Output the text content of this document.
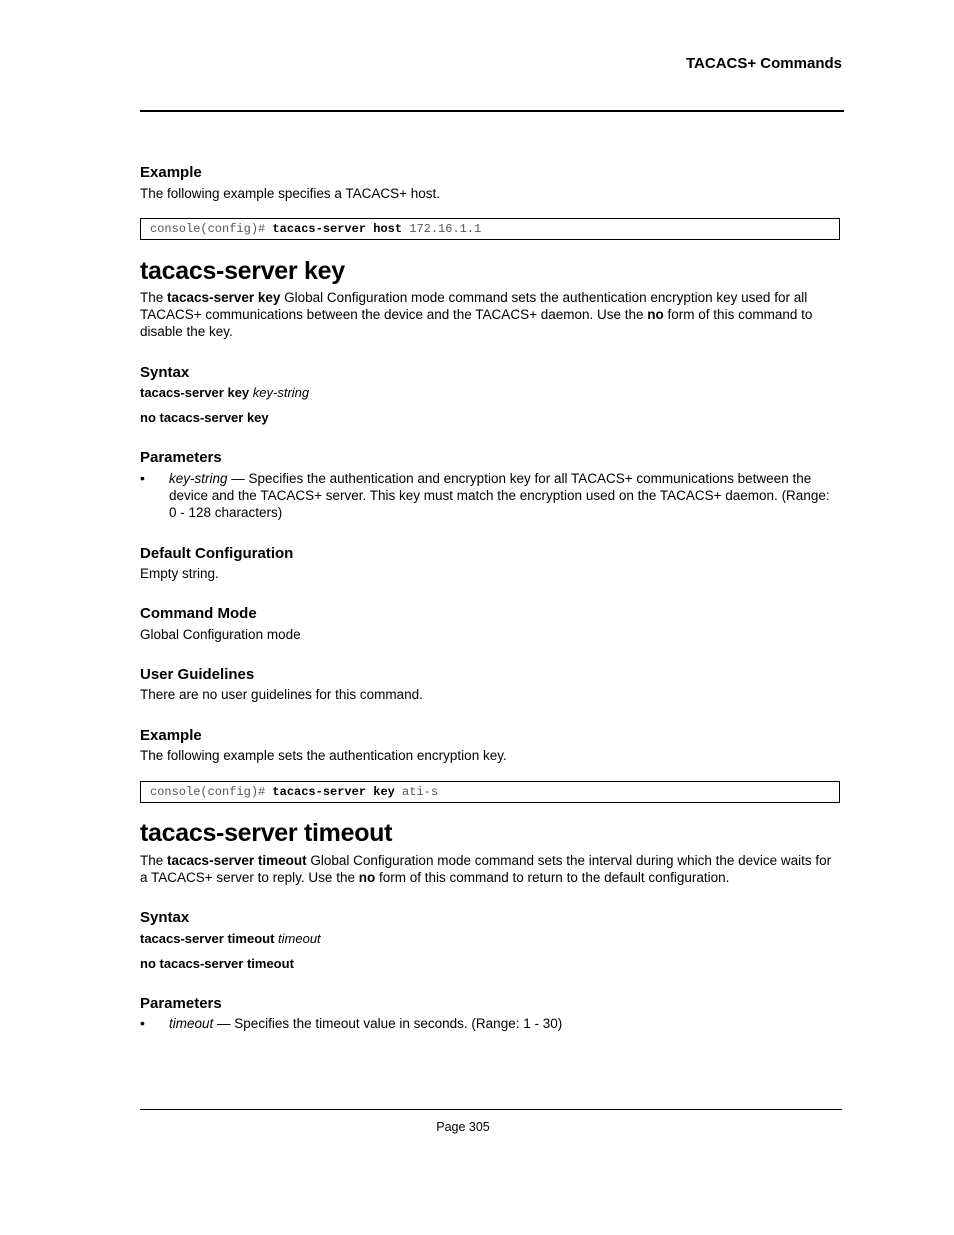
TACACS+ Commands
Example
The following example specifies a TACACS+ host.
console(config)# tacacs-server host 172.16.1.1
tacacs-server key
The tacacs-server key Global Configuration mode command sets the authentication encryption key used for all TACACS+ communications between the device and the TACACS+ daemon. Use the no form of this command to disable the key.
Syntax
tacacs-server key key-string
no tacacs-server key
Parameters
• key-string — Specifies the authentication and encryption key for all TACACS+ communications between the device and the TACACS+ server. This key must match the encryption used on the TACACS+ daemon. (Range: 0 - 128 characters)
Default Configuration
Empty string.
Command Mode
Global Configuration mode
User Guidelines
There are no user guidelines for this command.
Example
The following example sets the authentication encryption key.
console(config)# tacacs-server key ati-s
tacacs-server timeout
The tacacs-server timeout Global Configuration mode command sets the interval during which the device waits for a TACACS+ server to reply. Use the no form of this command to return to the default configuration.
Syntax
tacacs-server timeout timeout
no tacacs-server timeout
Parameters
• timeout — Specifies the timeout value in seconds. (Range: 1 - 30)
Page 305
